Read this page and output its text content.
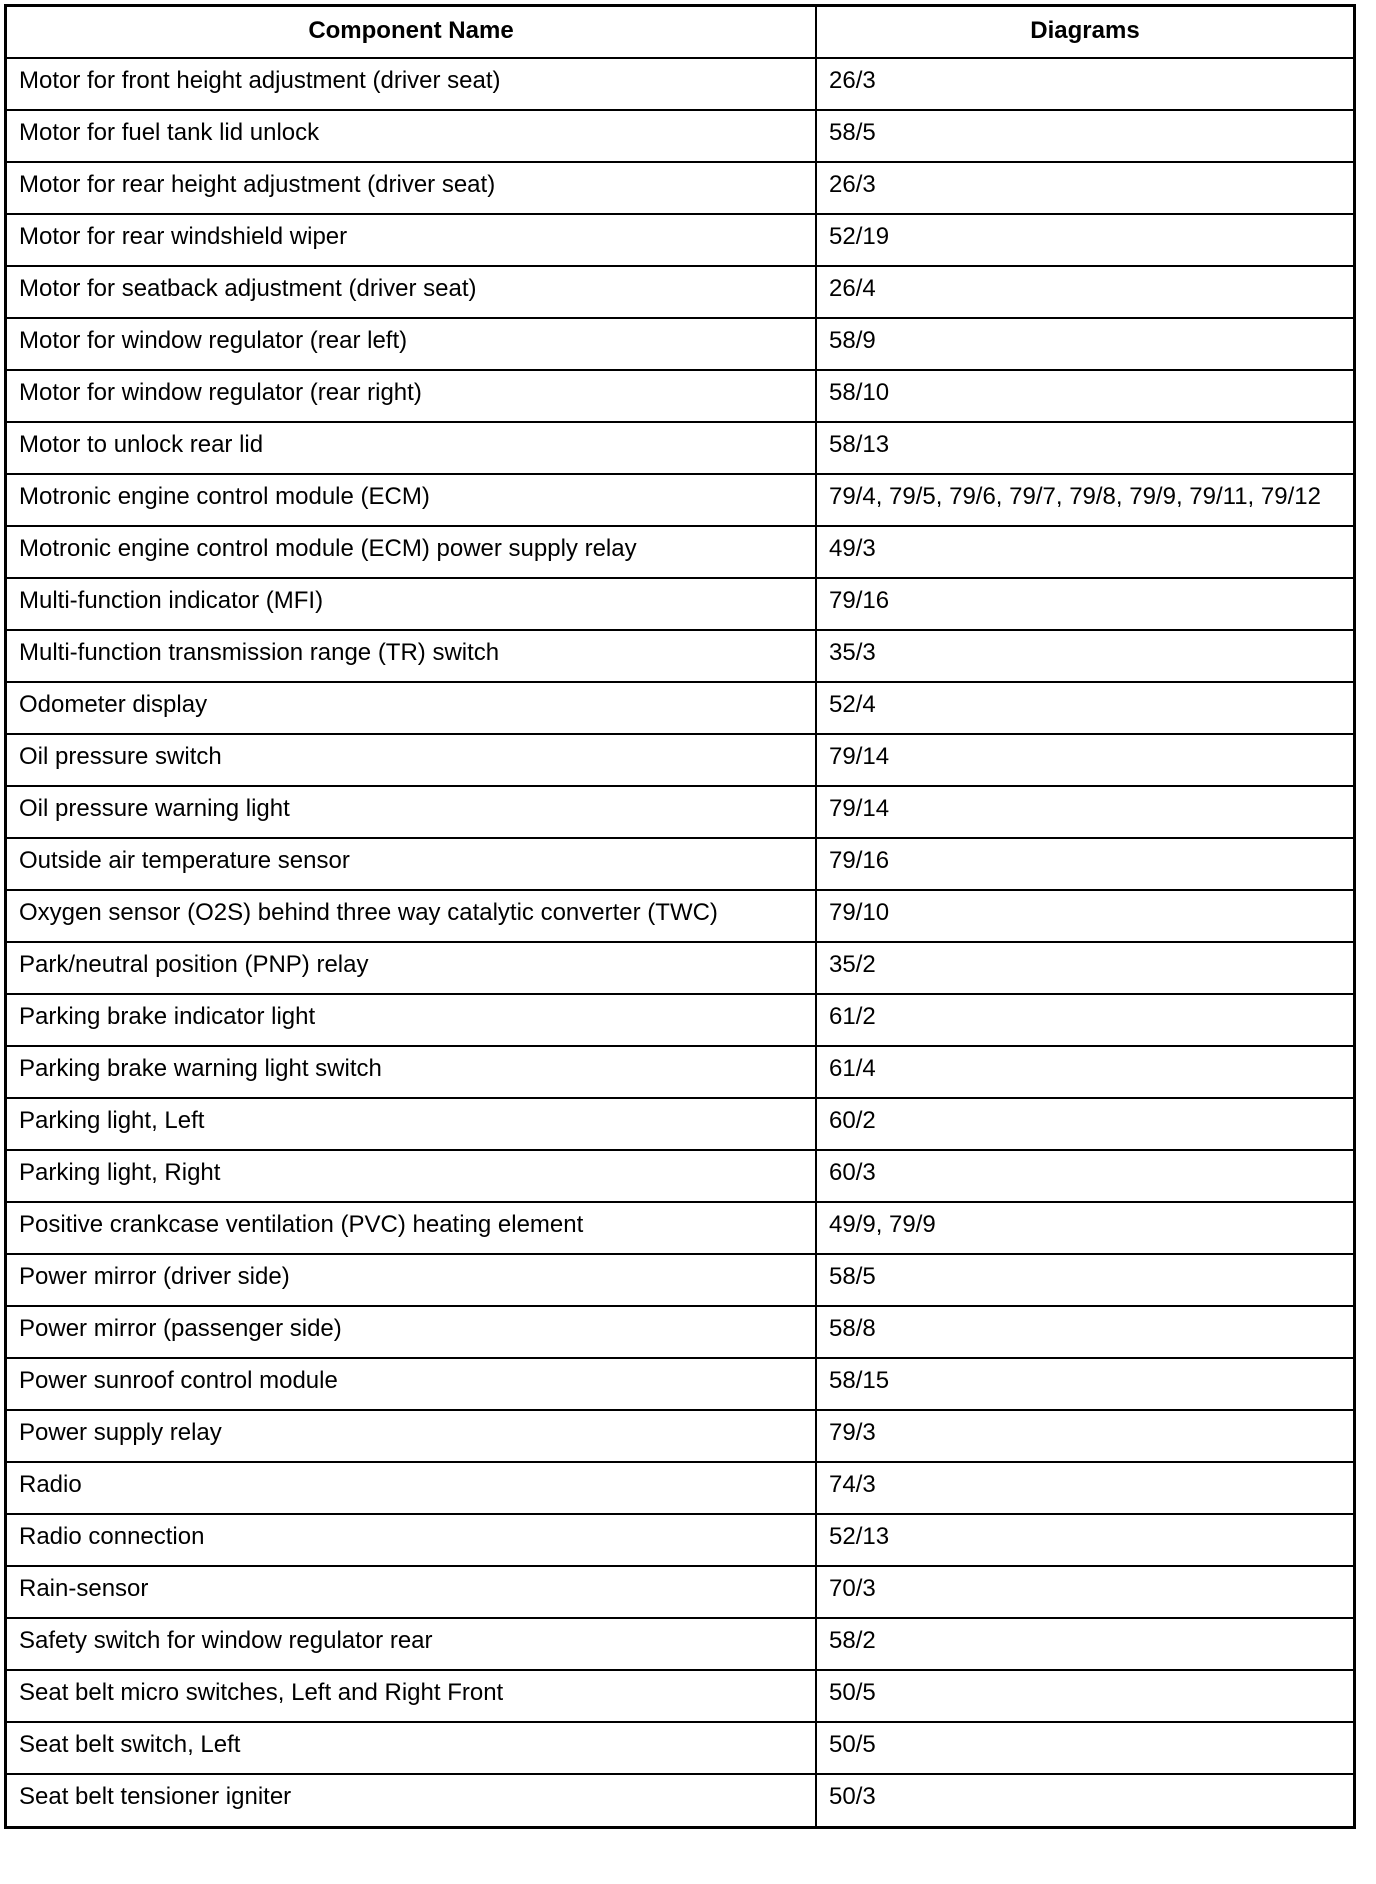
Component Name	Diagrams
Motor for front height adjustment (driver seat)	26/3
Motor for fuel tank lid unlock	58/5
Motor for rear height adjustment (driver seat)	26/3
Motor for rear windshield wiper	52/19
Motor for seatback adjustment (driver seat)	26/4
Motor for window regulator (rear left)	58/9
Motor for window regulator (rear right)	58/10
Motor to unlock rear lid	58/13
Motronic engine control module (ECM)	79/4, 79/5, 79/6, 79/7, 79/8, 79/9, 79/11, 79/12
Motronic engine control module (ECM) power supply relay	49/3
Multi-function indicator (MFI)	79/16
Multi-function transmission range (TR) switch	35/3
Odometer display	52/4
Oil pressure switch	79/14
Oil pressure warning light	79/14
Outside air temperature sensor	79/16
Oxygen sensor (O2S) behind three way catalytic converter (TWC)	79/10
Park/neutral position (PNP) relay	35/2
Parking brake indicator light	61/2
Parking brake warning light switch	61/4
Parking light, Left	60/2
Parking light, Right	60/3
Positive crankcase ventilation (PVC) heating element	49/9, 79/9
Power mirror (driver side)	58/5
Power mirror (passenger side)	58/8
Power sunroof control module	58/15
Power supply relay	79/3
Radio	74/3
Radio connection	52/13
Rain-sensor	70/3
Safety switch for window regulator rear	58/2
Seat belt micro switches, Left and Right Front	50/5
Seat belt switch, Left	50/5
Seat belt tensioner igniter	50/3
